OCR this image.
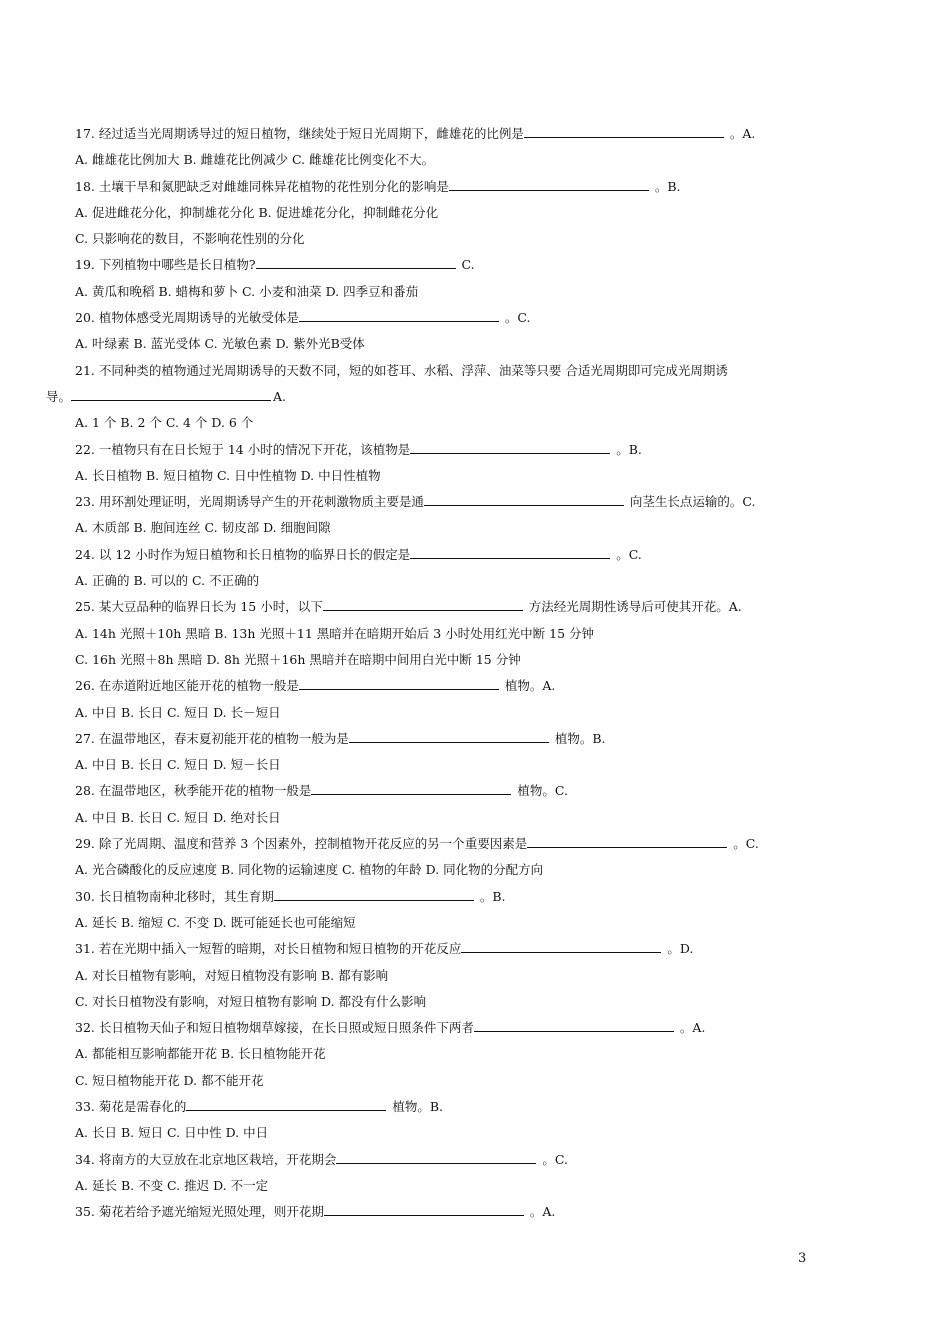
17. 经过适当光周期诱导过的短日植物，继续处于短日光周期下，雌雄花的比例是	。A.
A. 雌雄花比例加大 B. 雌雄花比例减少 C. 雌雄花比例变化不大。
18. 土壤干旱和氮肥缺乏对雌雄同株异花植物的花性别分化的影响是	。B.
A. 促进雌花分化，抑制雄花分化 B. 促进雄花分化，抑制雌花分化
C. 只影响花的数目，不影响花性别的分化
19. 下列植物中哪些是长日植物?	C.
A. 黄瓜和晚稻 B. 蜡梅和萝卜 C. 小麦和油菜 D. 四季豆和番茄
20. 植物体感受光周期诱导的光敏受体是	。C.
A. 叶绿素 B. 蓝光受体 C. 光敏色素 D. 紫外光B受体
21. 不同种类的植物通过光周期诱导的天数不同，短的如苍耳、水稻、浮萍、油菜等只要 合适光周期即可完成光周期诱
导。	A.
A. 1 个 B. 2 个 C. 4 个 D. 6 个
22. 一植物只有在日长短于 14 小时的情况下开花，该植物是	。B.
A. 长日植物 B. 短日植物 C. 日中性植物 D. 中日性植物
23. 用环割处理证明，光周期诱导产生的开花刺激物质主要是通	向茎生长点运输的。C.
A. 木质部 B. 胞间连丝 C. 韧皮部 D. 细胞间隙
24. 以 12 小时作为短日植物和长日植物的临界日长的假定是	。C.
A. 正确的 B. 可以的 C. 不正确的
25. 某大豆品种的临界日长为 15 小时，以下	方法经光周期性诱导后可使其开花。A.
A. 14h 光照＋10h 黑暗 B. 13h 光照＋11 黑暗并在暗期开始后 3 小时处用红光中断 15 分钟
C. 16h 光照＋8h 黑暗 D. 8h 光照＋16h 黑暗并在暗期中间用白光中断 15 分钟
26. 在赤道附近地区能开花的植物一般是	植物。A.
A. 中日 B. 长日 C. 短日 D. 长－短日
27. 在温带地区，春末夏初能开花的植物一般为是	植物。B.
A. 中日 B. 长日 C. 短日 D. 短－长日
28. 在温带地区，秋季能开花的植物一般是	植物。C.
A. 中日 B. 长日 C. 短日 D. 绝对长日
29. 除了光周期、温度和营养 3 个因素外，控制植物开花反应的另一个重要因素是	。C.
A. 光合磷酸化的反应速度 B. 同化物的运输速度 C. 植物的年龄 D. 同化物的分配方向
30. 长日植物南种北移时，其生育期	。B.
A. 延长 B. 缩短 C. 不变 D. 既可能延长也可能缩短
31. 若在光期中插入一短暂的暗期，对长日植物和短日植物的开花反应	。D.
A. 对长日植物有影响，对短日植物没有影响 B. 都有影响
C. 对长日植物没有影响，对短日植物有影响 D. 都没有什么影响
32. 长日植物天仙子和短日植物烟草嫁接，在长日照或短日照条件下两者	。A.
A. 都能相互影响都能开花 B. 长日植物能开花
C. 短日植物能开花 D. 都不能开花
33. 菊花是需春化的	植物。B.
A. 长日 B. 短日 C. 日中性 D. 中日
34. 将南方的大豆放在北京地区栽培，开花期会	。C.
A. 延长 B. 不变 C. 推迟 D. 不一定
35. 菊花若给予遮光缩短光照处理，则开花期	。A.
3
